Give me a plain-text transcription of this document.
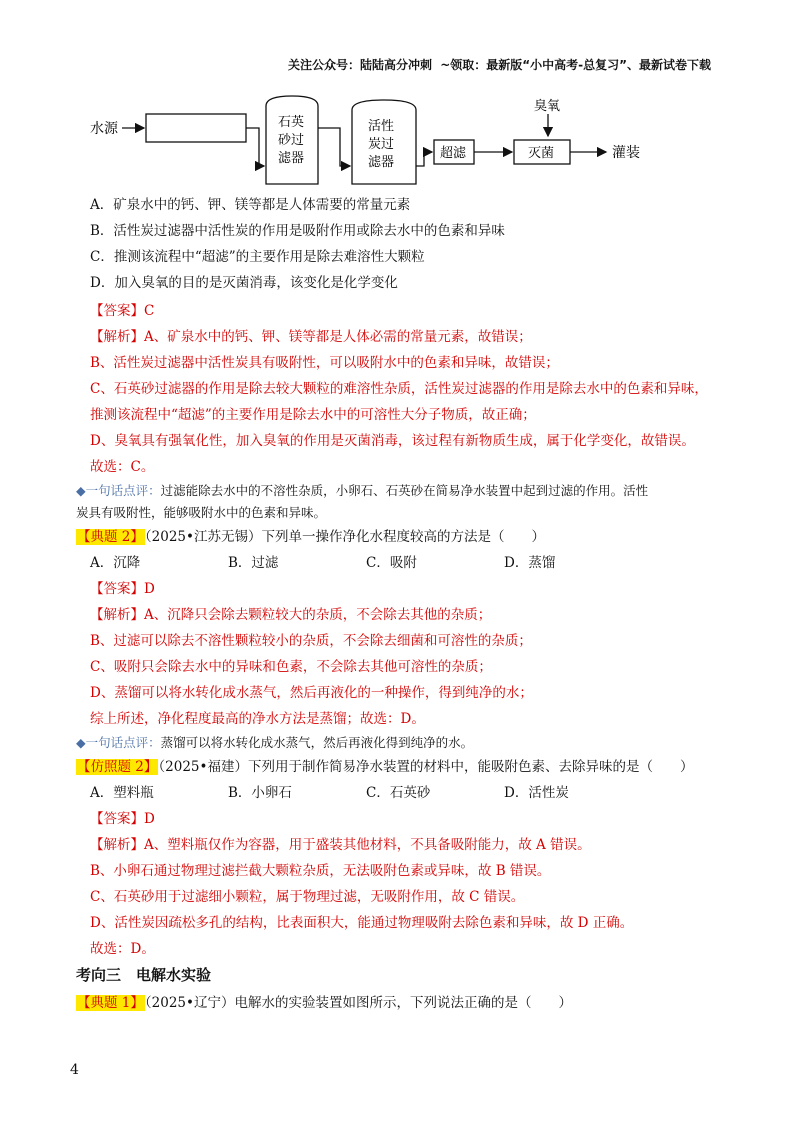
关注公众号：陆陆高分冲刺 ~领取：最新版“小中高考-总复习”、最新试卷下载
水源	石英
砂过
滤器
活性
炭过
滤器
超滤
臭氧
灭菌	灌装
A．矿泉水中的钙、钾、镁等都是人体需要的常量元素
B．活性炭过滤器中活性炭的作用是吸附作用或除去水中的色素和异味
C．推测该流程中“超滤”的主要作用是除去难溶性大颗粒
D．加入臭氧的目的是灭菌消毒，该变化是化学变化
【答案】C
【解析】A、矿泉水中的钙、钾、镁等都是人体必需的常量元素，故错误；
B、活性炭过滤器中活性炭具有吸附性，可以吸附水中的色素和异味，故错误；
C、石英砂过滤器的作用是除去较大颗粒的难溶性杂质，活性炭过滤器的作用是除去水中的色素和异味，
推测该流程中“超滤”的主要作用是除去水中的可溶性大分子物质，故正确；
D、臭氧具有强氧化性，加入臭氧的作用是灭菌消毒，该过程有新物质生成，属于化学变化，故错误。
故选：C。
◆一句话点评：过滤能除去水中的不溶性杂质，小卵石、石英砂在简易净水装置中起到过滤的作用。活性
炭具有吸附性，能够吸附水中的色素和异味。
【典题 2】（2025•江苏无锡）下列单一操作净化水程度较高的方法是（　　）
A．沉降	B．过滤	C．吸附	D．蒸馏
【答案】D
【解析】A、沉降只会除去颗粒较大的杂质，不会除去其他的杂质；
B、过滤可以除去不溶性颗粒较小的杂质，不会除去细菌和可溶性的杂质；
C、吸附只会除去水中的异味和色素，不会除去其他可溶性的杂质；
D、蒸馏可以将水转化成水蒸气，然后再液化的一种操作，得到纯净的水；
综上所述，净化程度最高的净水方法是蒸馏；故选：D。
◆一句话点评：蒸馏可以将水转化成水蒸气，然后再液化得到纯净的水。
【仿照题 2】（2025•福建）下列用于制作简易净水装置的材料中，能吸附色素、去除异味的是（　　）
A．塑料瓶	B．小卵石	C．石英砂	D．活性炭
【答案】D
【解析】A、塑料瓶仅作为容器，用于盛装其他材料，不具备吸附能力，故 A 错误。
B、小卵石通过物理过滤拦截大颗粒杂质，无法吸附色素或异味，故 B 错误。
C、石英砂用于过滤细小颗粒，属于物理过滤，无吸附作用，故 C 错误。
D、活性炭因疏松多孔的结构，比表面积大，能通过物理吸附去除色素和异味，故 D 正确。
故选：D。
考向三　电解水实验
【典题 1】（2025•辽宁）电解水的实验装置如图所示，下列说法正确的是（　　）
4
